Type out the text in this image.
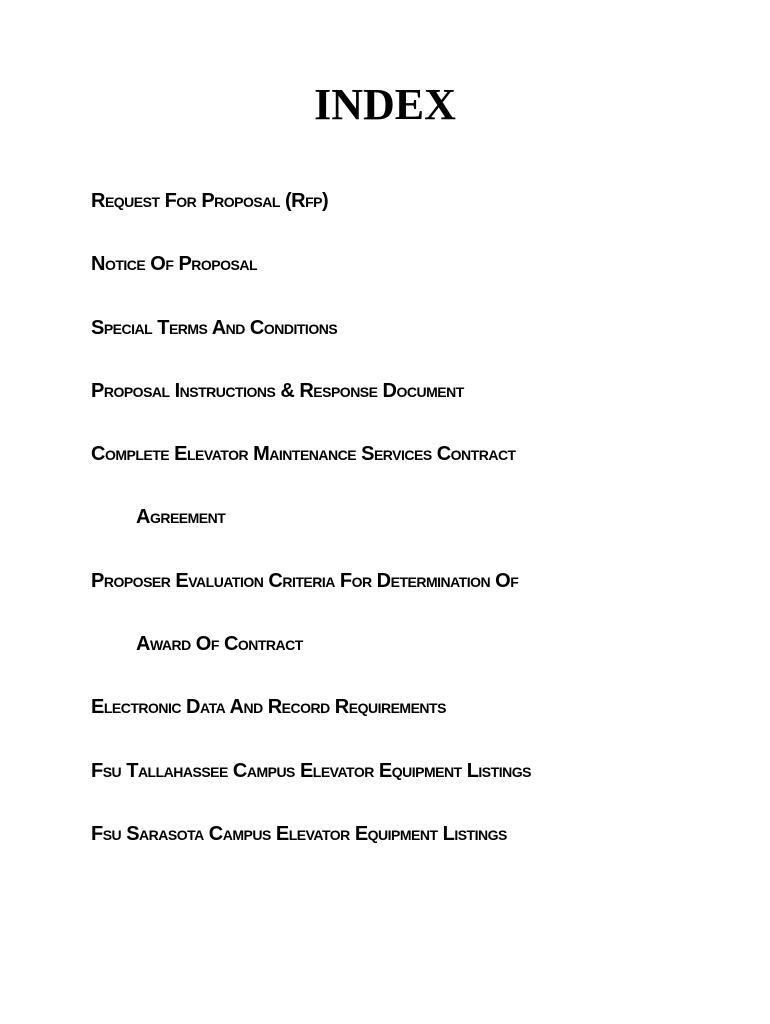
INDEX
Request For Proposal (Rfp)
Notice Of Proposal
Special Terms And Conditions
Proposal Instructions & Response Document
Complete Elevator Maintenance Services Contract
Agreement
Proposer Evaluation Criteria For Determination Of
Award Of Contract
Electronic Data And Record Requirements
Fsu Tallahassee Campus Elevator Equipment Listings
Fsu Sarasota Campus Elevator Equipment Listings
